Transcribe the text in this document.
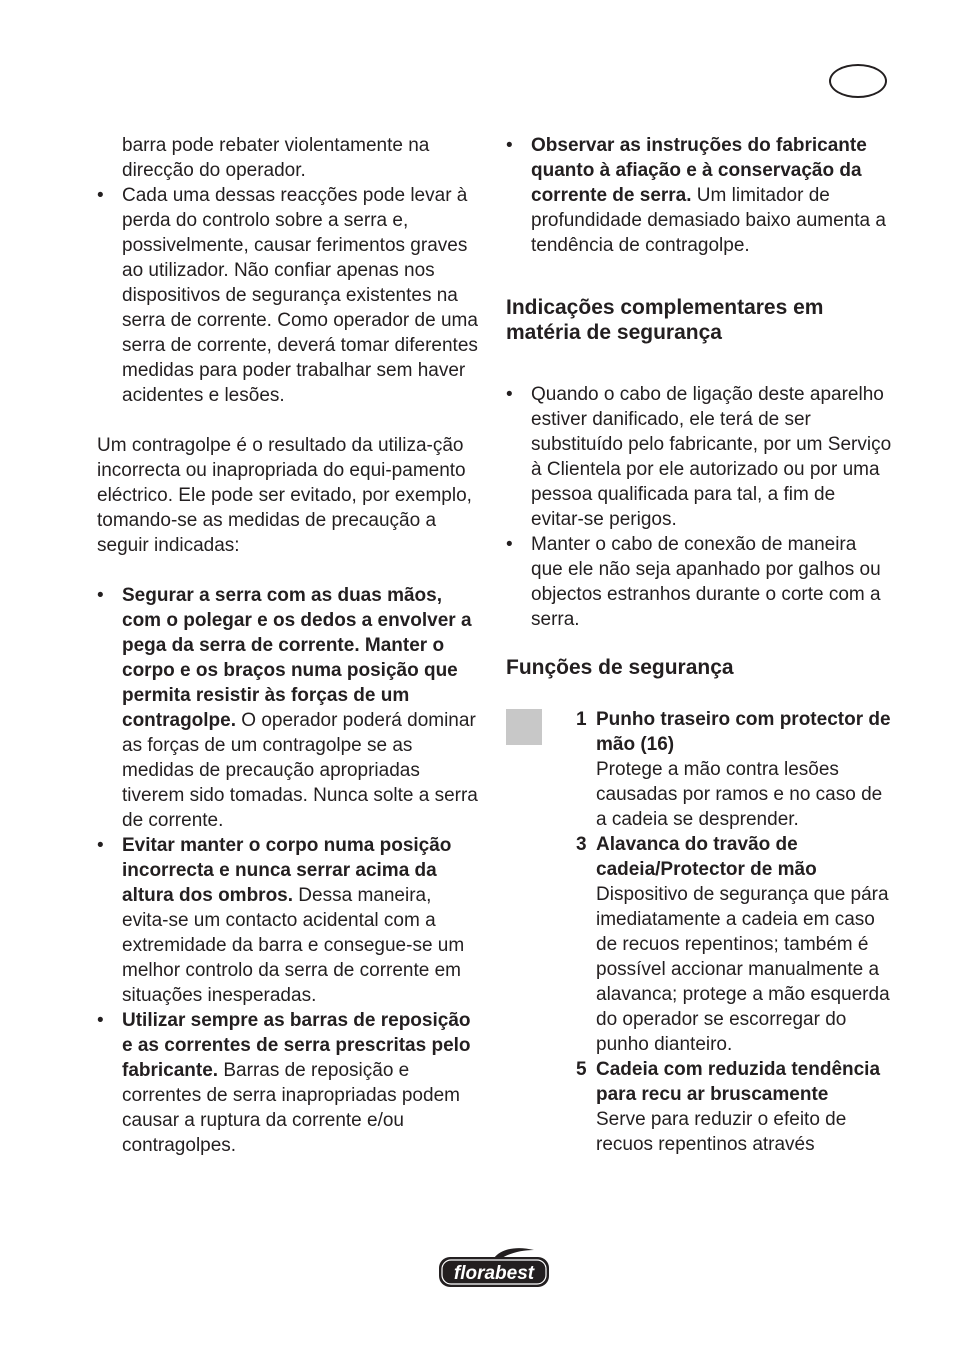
barra pode rebater violentamente na direcção do operador.

• Cada uma dessas reacções pode levar à perda do controlo sobre a serra e, possivelmente, causar ferimentos graves ao utilizador. Não confiar apenas nos dispositivos de segurança existentes na serra de corrente. Como operador de uma serra de corrente, deverá tomar diferentes medidas para poder trabalhar sem haver acidentes e lesões.

Um contragolpe é o resultado da utiliza-ção incorrecta ou inapropriada do equi-pamento eléctrico. Ele pode ser evitado, por exemplo, tomando-se as medidas de precaução a seguir indicadas:

• Segurar a serra com as duas mãos, com o polegar e os dedos a envolver a pega da serra de corrente. Manter o corpo e os braços numa posição que permita resistir às forças de um contragolpe. O operador poderá dominar as forças de um contragolpe se as medidas de precaução apropriadas tiverem sido tomadas. Nunca solte a serra de corrente.
• Evitar manter o corpo numa posição incorrecta e nunca serrar acima da altura dos ombros. Dessa maneira, evita-se um contacto acidental com a extremidade da barra e consegue-se um melhor controlo da serra de corrente em situações inesperadas.
• Utilizar sempre as barras de reposição e as correntes de serra prescritas pelo fabricante. Barras de reposição e correntes de serra inapropriadas podem causar a ruptura da corrente e/ou contragolpes.
• Observar as instruções do fabricante quanto à afiação e à conservação da corrente de serra. Um limitador de profundidade demasiado baixo aumenta a tendência de contragolpe.
Indicações complementares em matéria de segurança
• Quando o cabo de ligação deste aparelho estiver danificado, ele terá de ser substituído pelo fabricante, por um Serviço à Clientela por ele autorizado ou por uma pessoa qualificada para tal, a fim de evitar-se perigos.
• Manter o cabo de conexão de maneira que ele não seja apanhado por galhos ou objectos estranhos durante o corte com a serra.
Funções de segurança
1 Punho traseiro com protector de mão (16)
Protege a mão contra lesões causadas por ramos e no caso de a cadeia se desprender.
3 Alavanca do travão de cadeia/Protector de mão
Dispositivo de segurança que pára imediatamente a cadeia em caso de recuos repentinos; também é possível accionar manualmente a alavanca; protege a mão esquerda do operador se escorregar do punho dianteiro.
5 Cadeia com reduzida tendência para recu ar bruscamente
Serve para reduzir o efeito de recuos repentinos através
florabest
